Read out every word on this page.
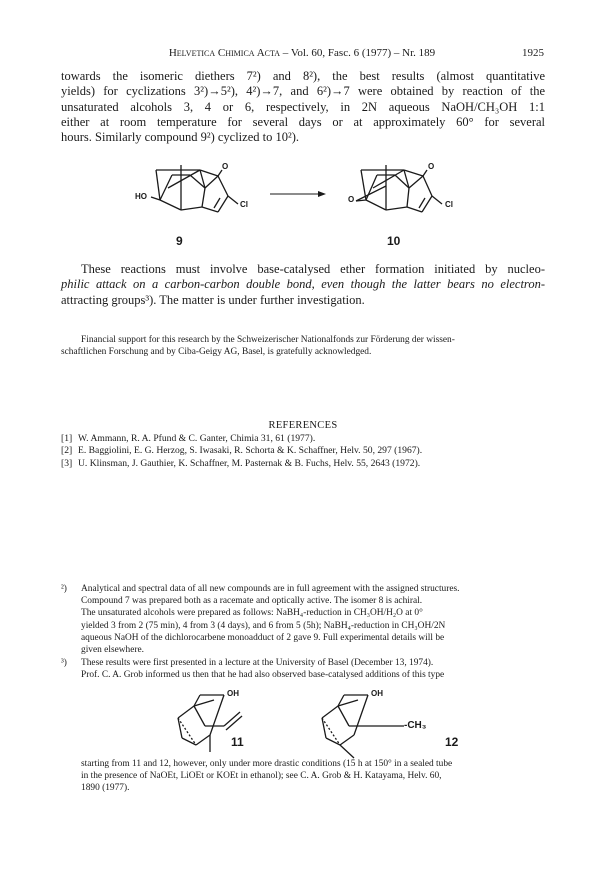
Helvetica Chimica Acta – Vol. 60, Fasc. 6 (1977) – Nr. 189	1925
towards the isomeric diethers 7²) and 8²), the best results (almost quantitative
yields) for cyclizations 3²)→5²), 4²)→7, and 6²)→7 were obtained by reaction of the
unsaturated alcohols 3, 4 or 6, respectively, in 2N aqueous NaOH/CH₃OH 1:1
either at room temperature for several days or at approximately 60° for several
hours. Similarly compound 9²) cyclized to 10²).
HO
O
Cl
9
O
O
Cl
10
These reactions must involve base-catalysed ether formation initiated by nucleo-
philic attack on a carbon-carbon double bond, even though the latter bears no electron-
attracting groups³). The matter is under further investigation.
Financial support for this research by the Schweizerischer Nationalfonds zur Förderung der wissen-
schaftlichen Forschung and by Ciba-Geigy AG, Basel, is gratefully acknowledged.
REFERENCES
[1] W. Ammann, R. A. Pfund & C. Ganter, Chimia 31, 61 (1977).
[2] E. Baggiolini, E. G. Herzog, S. Iwasaki, R. Schorta & K. Schaffner, Helv. 50, 297 (1967).
[3] U. Klinsman, J. Gauthier, K. Schaffner, M. Pasternak & B. Fuchs, Helv. 55, 2643 (1972).
²) Analytical and spectral data of all new compounds are in full agreement with the assigned structures.
Compound 7 was prepared both as a racemate and optically active. The isomer 8 is achiral.
The unsaturated alcohols were prepared as follows: NaBH₄-reduction in CH₃OH/H₂O at 0°
yielded 3 from 2 (75 min), 4 from 3 (4 days), and 6 from 5 (5h); NaBH₄-reduction in CH₃OH/2N
aqueous NaOH of the dichlorocarbene monoadduct of 2 gave 9. Full experimental details will be
given elsewhere.
³) These results were first presented in a lecture at the University of Basel (December 13, 1974).
Prof. C. A. Grob informed us then that he had also observed base-catalysed additions of this type
OH
11
OH
-CH₃
12
starting from 11 and 12, however, only under more drastic conditions (15 h at 150° in a sealed tube
in the presence of NaOEt, LiOEt or KOEt in ethanol); see C. A. Grob & H. Katayama, Helv. 60,
1890 (1977).
